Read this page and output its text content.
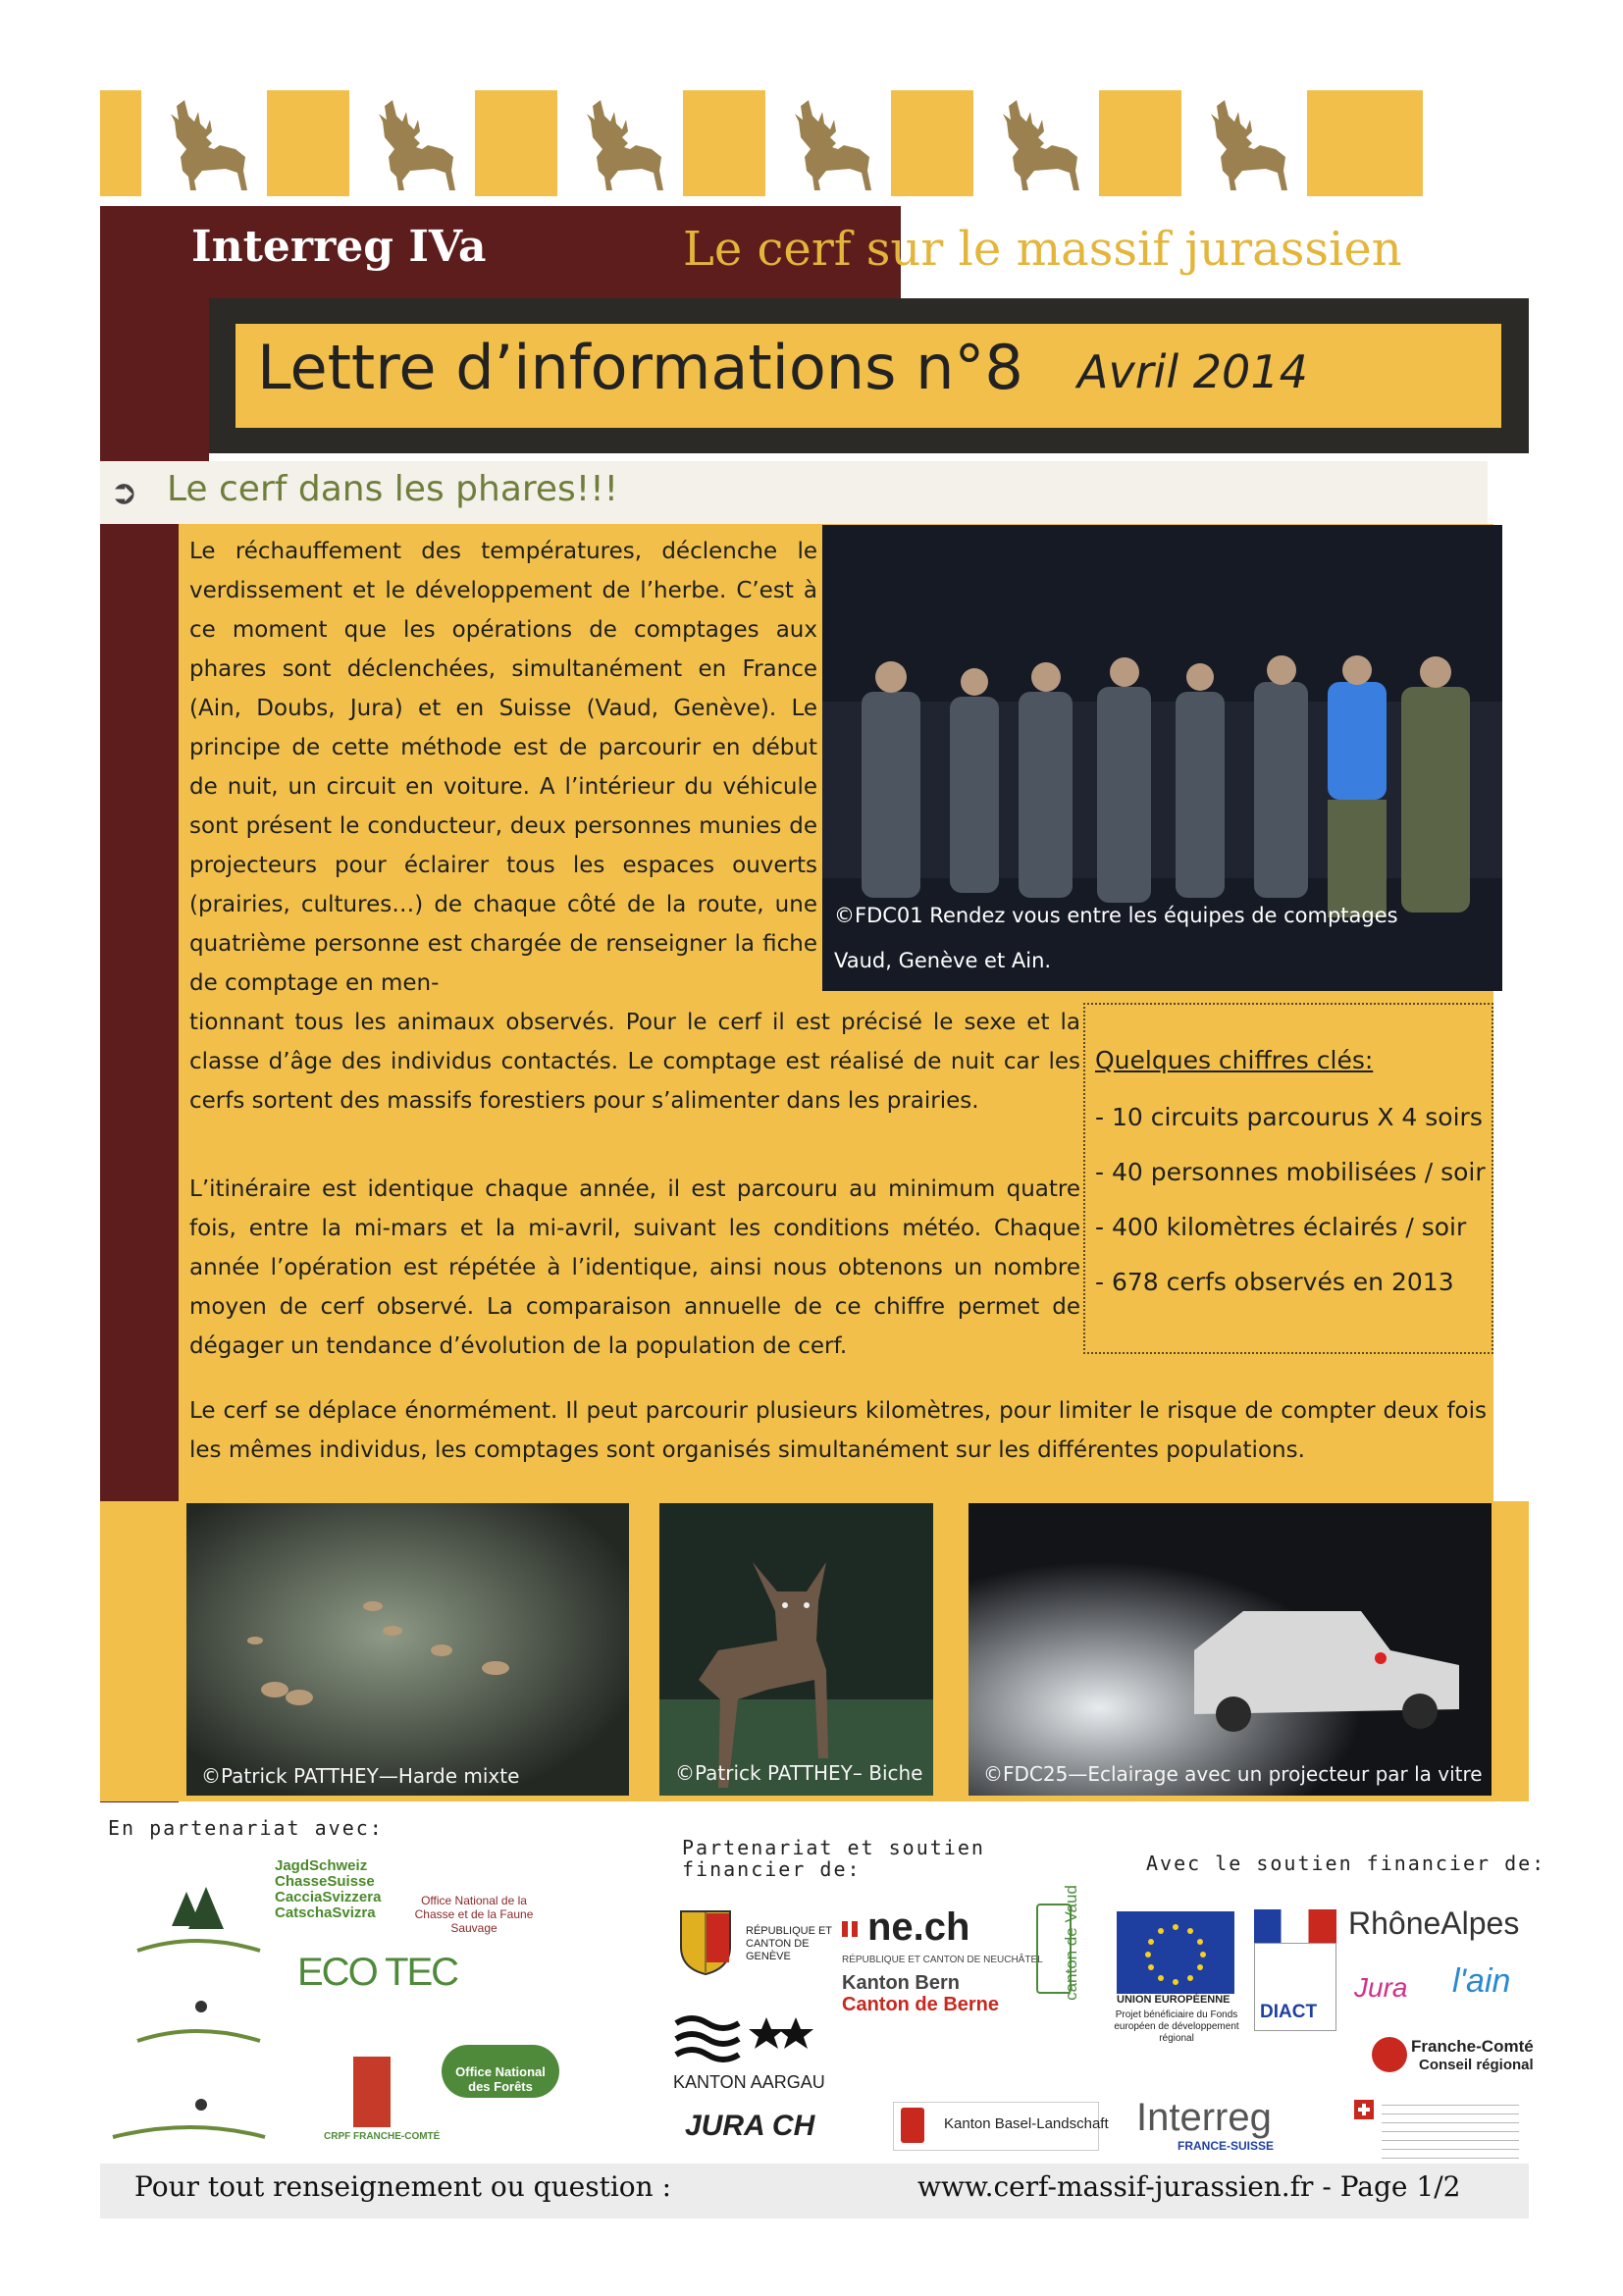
Interreg IVa	Le cerf sur le massif jurassien
Lettre d’informations n°8 Avril 2014
➲ Le cerf dans les phares!!!

Le réchauffement des températures, déclenche le verdissement et le développement de l’herbe. C’est à ce moment que les opérations de comptages aux phares sont déclenchées, simultanément en France (Ain, Doubs, Jura) et en Suisse (Vaud, Genève). Le principe de cette méthode est de parcourir en début de nuit, un circuit en voiture. A l’intérieur du véhicule sont présent le conducteur, deux personnes munies de projecteurs pour éclairer tous les espaces ouverts (prairies, cultures…) de chaque côté de la route, une quatrième personne est chargée de renseigner la fiche de comptage en men-

tionnant tous les animaux observés. Pour le cerf il est précisé le sexe et la classe d’âge des individus contactés. Le comptage est réalisé de nuit car les cerfs sortent des massifs forestiers pour s’alimenter dans les prairies.

L’itinéraire est identique chaque année, il est parcouru au minimum quatre fois, entre la mi-mars et la mi-avril, suivant les conditions météo. Chaque année l’opération est répétée à l’identique, ainsi nous obtenons un nombre moyen de cerf observé. La comparaison annuelle de ce chiffre permet de dégager un tendance d’évolution de la population de cerf.

Le cerf se déplace énormément. Il peut parcourir plusieurs kilomètres, pour limiter le risque de compter deux fois les mêmes individus, les comptages sont organisés simultanément sur les différentes populations.

©FDC01 Rendez vous entre les équipes de comptages Vaud, Genève et Ain.
Quelques chiffres clés:
- 10 circuits parcourus X 4 soirs
- 40 personnes mobilisées / soir
- 400 kilomètres éclairés / soir
- 678 cerfs observés en 2013
©Patrick PATTHEY—Harde mixte	©Patrick PATTHEY– Biche	©FDC25—Eclairage avec un projecteur par la vitre
En partenariat avec:
Partenariat et soutien financier de:	Avec le soutien financier de:
JagdSchweiz
ChasseSuisse
CacciaSvizzera
CatschaSvizra
ECO TEC
Office National de la Chasse et de la Faune Sauvage
Office National des Forêts
CRPF FRANCHE-COMTÉ
RÉPUBLIQUE ET CANTON DE GENÈVE
ne.ch
RÉPUBLIQUE ET CANTON DE NEUCHÂTEL
Kanton Bern
Canton de Berne
canton de Vaud
KANTON AARGAU
JURA CH	Kanton Basel-Landschaft
UNION EUROPÉENNE
Projet bénéficiaire du Fonds européen de développement régional
DIACT
RhôneAlpes
Jura l'ain
Franche-Comté
Conseil régional
Interreg
FRANCE-SUISSE
Pour tout renseignement ou question :	www.cerf-massif-jurassien.fr - Page 1/2
